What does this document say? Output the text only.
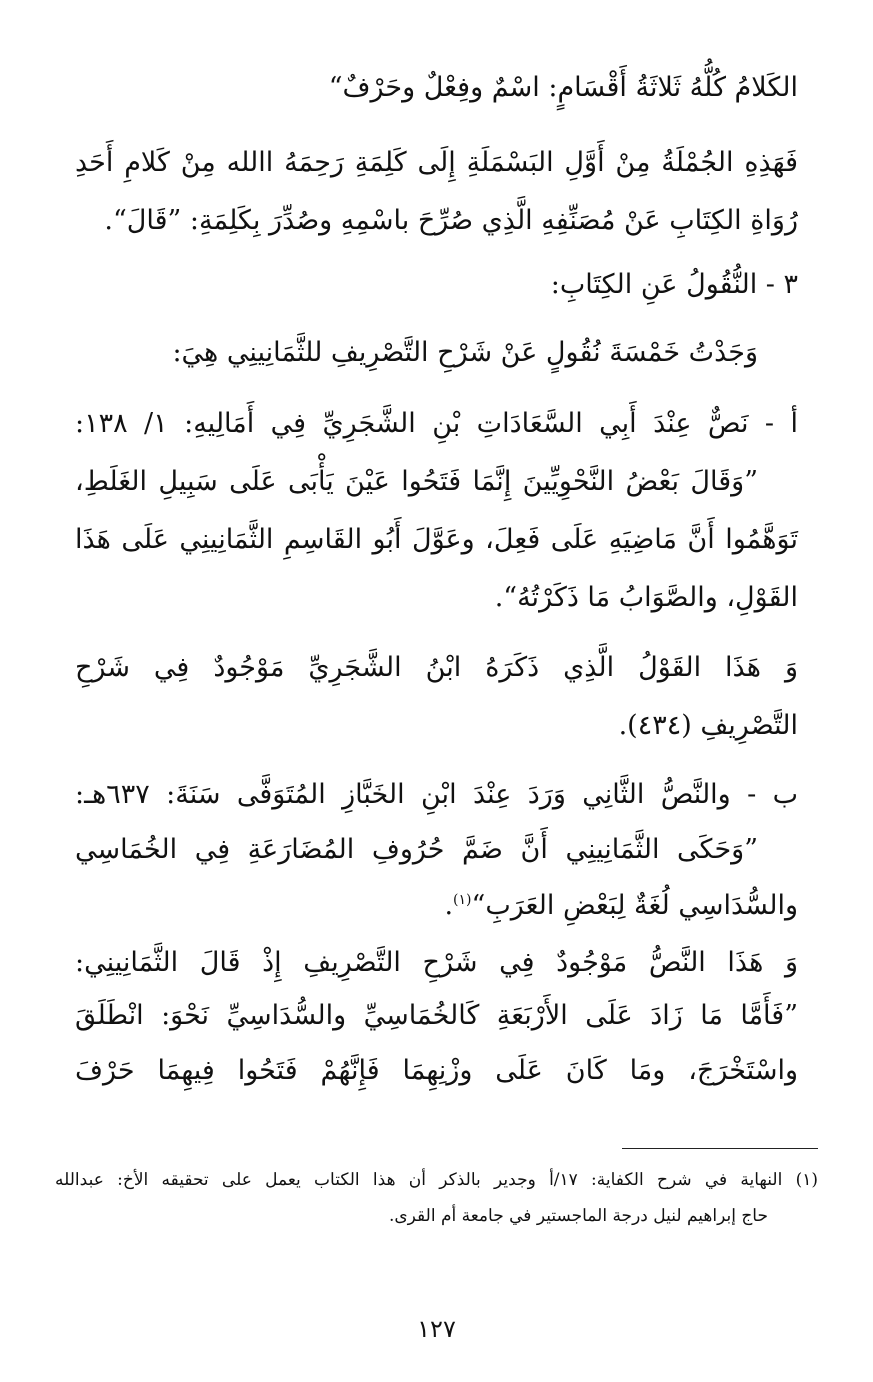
الكَلامُ كُلُّهُ ثَلاثَةُ أَقْسَامٍ: اسْمٌ وفِعْلٌ وحَرْفٌ“
فَهَذِهِ الجُمْلَةُ مِنْ أَوَّلِ البَسْمَلَةِ إِلَى كَلِمَةِ رَحِمَهُ االله مِنْ كَلامِ أَحَدِ
رُوَاةِ الكِتَابِ عَنْ مُصَنِّفِهِ الَّذِي صُرِّحَ باسْمِهِ وصُدِّرَ بِكَلِمَةِ: ”قَالَ“.
٣ - النُّقُولُ عَنِ الكِتَابِ:
وَجَدْتُ خَمْسَةَ نُقُولٍ عَنْ شَرْحِ التَّصْرِيفِ للثَّمَانِينِي هِيَ:
أ - نَصٌّ عِنْدَ أَبِي السَّعَادَاتِ بْنِ الشَّجَرِيِّ فِي أَمَالِيهِ: ١/ ١٣٨:
”وَقَالَ بَعْضُ النَّحْوِيِّينَ إِنَّمَا فَتَحُوا عَيْنَ يَأْبَى عَلَى سَبِيلِ الغَلَطِ،
تَوَهَّمُوا أَنَّ مَاضِيَهِ عَلَى فَعِلَ، وعَوَّلَ أَبُو القَاسِمِ الثَّمَانِينِي عَلَى هَذَا
القَوْلِ، والصَّوَابُ مَا ذَكَرْتُهُ“.
وَ هَذَا القَوْلُ الَّذِي ذَكَرَهُ ابْنُ الشَّجَرِيِّ مَوْجُودٌ فِي شَرْحِ
التَّصْرِيفِ (٤٣٤).
ب - والنَّصُّ الثَّانِي وَرَدَ عِنْدَ ابْنِ الخَبَّازِ المُتَوَفَّى سَنَةَ: ٦٣٧هـ:
”وَحَكَى الثَّمَانِينِي أَنَّ ضَمَّ حُرُوفِ المُضَارَعَةِ فِي الخُمَاسِي
والسُّدَاسِي لُغَةٌ لِبَعْضِ العَرَبِ“$^{(١)}$.
وَ هَذَا النَّصُّ مَوْجُودٌ فِي شَرْحِ التَّصْرِيفِ إِذْ قَالَ الثَّمَانِينِي:
”فَأَمَّا مَا زَادَ عَلَى الأَرْبَعَةِ كَالخُمَاسِيِّ والسُّدَاسِيِّ نَحْوَ: انْطَلَقَ
واسْتَخْرَجَ، ومَا كَانَ عَلَى وزْنِهِمَا فَإِنَّهُمْ فَتَحُوا فِيهِمَا حَرْفَ
(١) النهاية في شرح الكفاية: ١٧/أ وجدير بالذكر أن هذا الكتاب يعمل على تحقيقه الأخ: عبدالله
حاج إبراهيم لنيل درجة الماجستير في جامعة أم القرى.
١٢٧
